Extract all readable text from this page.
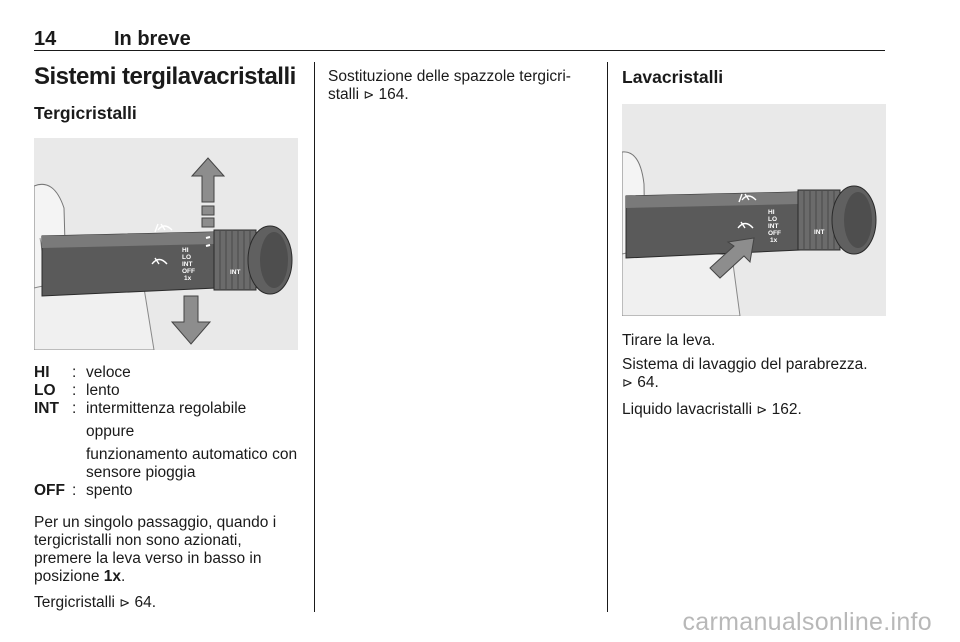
14	In breve
Sistemi tergilavacristalli
Tergicristalli
HI
LO
INT
OFF
1x
INT
HI	: veloce
LO	: lento
INT : intermittenza regolabile
oppure
funzionamento automatico con sensore pioggia
OFF : spento
Per un singolo passaggio, quando i tergicristalli non sono azionati, premere la leva verso in basso in posizione 1x.
Tergicristalli ⊳ 64.
Sostituzione delle spazzole tergicri-stalli ⊳ 164.
Lavacristalli
HI
LO
INT
OFF
1x
INT
Tirare la leva.
Sistema di lavaggio del parabrezza.
⊳ 64.
Liquido lavacristalli ⊳ 162.
carmanualsonline.info
